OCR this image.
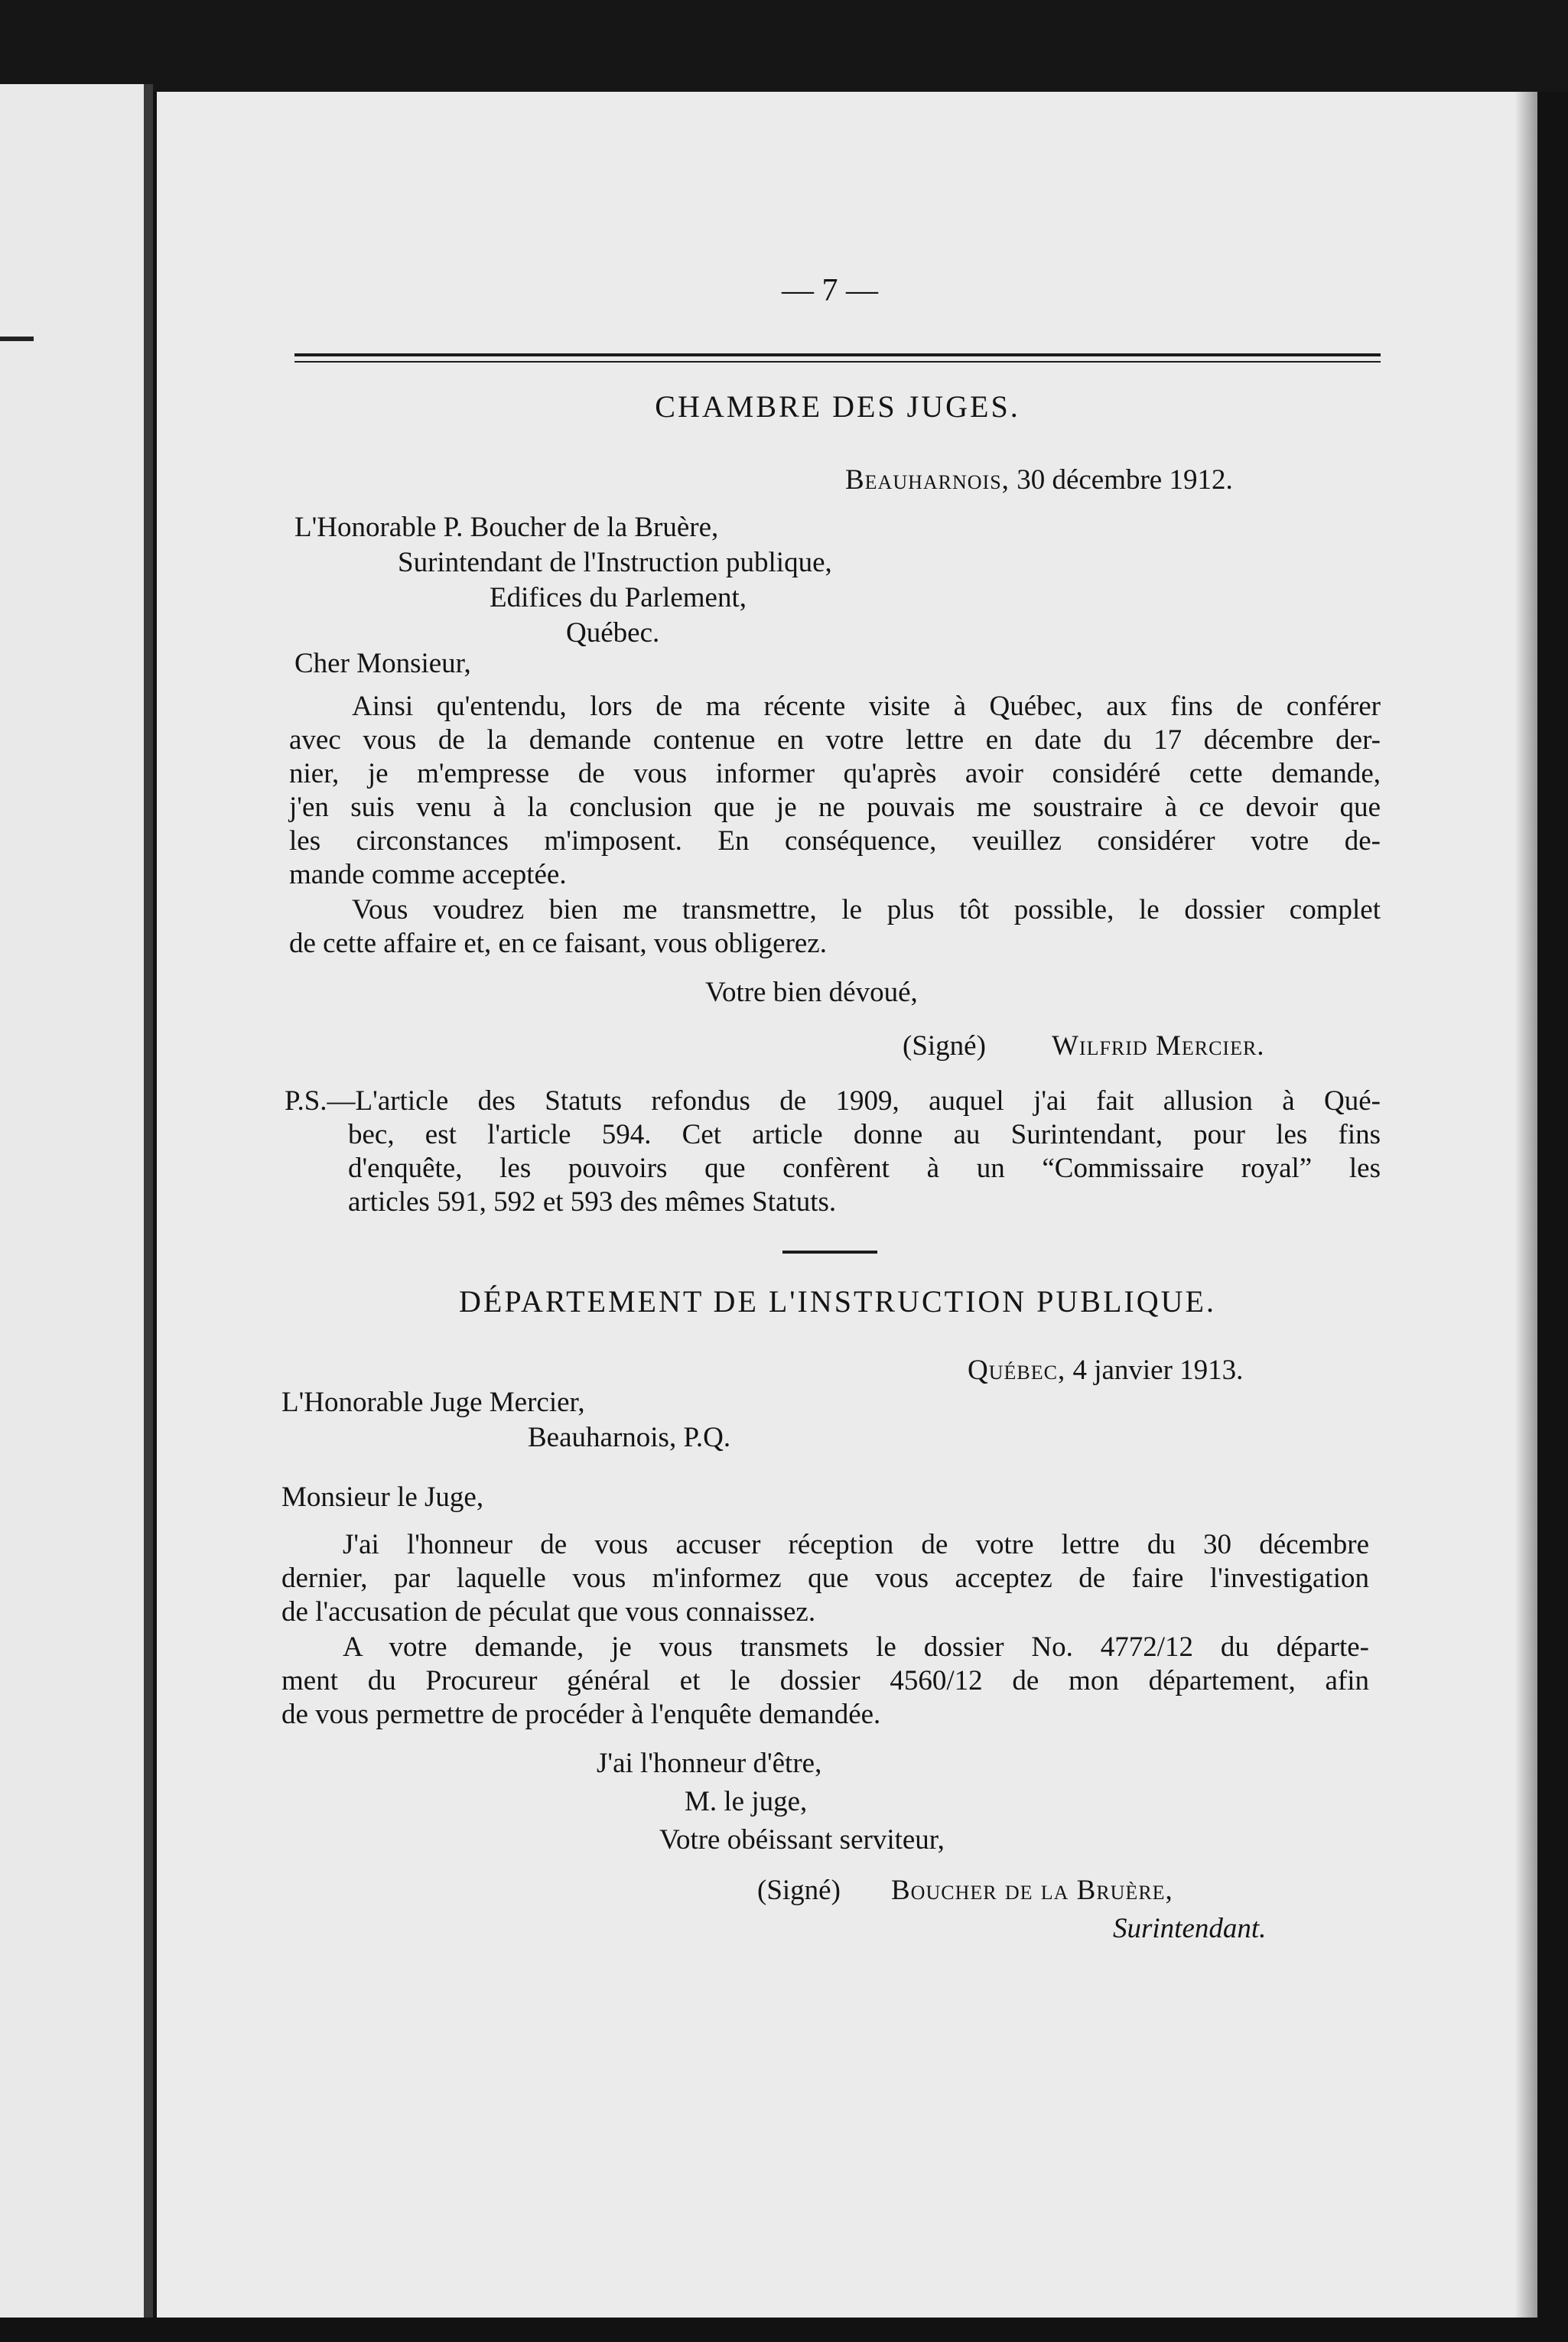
— 7 —
CHAMBRE DES JUGES.
Beauharnois, 30 décembre 1912.
L'Honorable P. Boucher de la Bruère,
Surintendant de l'Instruction publique,
Edifices du Parlement,
Québec.
Cher Monsieur,
Ainsi qu'entendu, lors de ma récente visite à Québec, aux fins de conférer
avec vous de la demande contenue en votre lettre en date du 17 décembre der-
nier, je m'empresse de vous informer qu'après avoir considéré cette demande,
j'en suis venu à la conclusion que je ne pouvais me soustraire à ce devoir que
les circonstances m'imposent. En conséquence, veuillez considérer votre de-
mande comme acceptée.
Vous voudrez bien me transmettre, le plus tôt possible, le dossier complet
de cette affaire et, en ce faisant, vous obligerez.
Votre bien dévoué,
(Signé) Wilfrid Mercier.
P.S.—L'article des Statuts refondus de 1909, auquel j'ai fait allusion à Qué-
bec, est l'article 594. Cet article donne au Surintendant, pour les fins
d'enquête, les pouvoirs que confèrent à un “Commissaire royal” les
articles 591, 592 et 593 des mêmes Statuts.
DÉPARTEMENT DE L'INSTRUCTION PUBLIQUE.
Québec, 4 janvier 1913.
L'Honorable Juge Mercier,
Beauharnois, P.Q.
Monsieur le Juge,
J'ai l'honneur de vous accuser réception de votre lettre du 30 décembre
dernier, par laquelle vous m'informez que vous acceptez de faire l'investigation
de l'accusation de péculat que vous connaissez.
A votre demande, je vous transmets le dossier No. 4772/12 du départe-
ment du Procureur général et le dossier 4560/12 de mon département, afin
de vous permettre de procéder à l'enquête demandée.
J'ai l'honneur d'être,
M. le juge,
Votre obéissant serviteur,
(Signé) Boucher de la Bruère,
Surintendant.
